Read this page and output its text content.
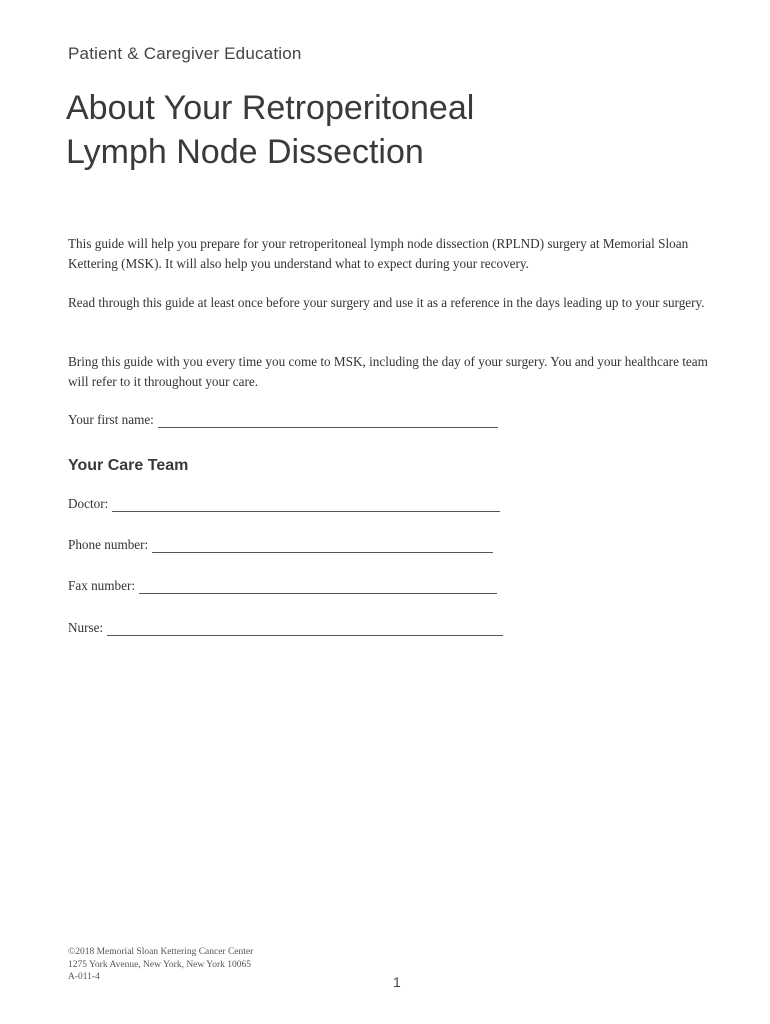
Patient & Caregiver Education
About Your Retroperitoneal
Lymph Node Dissection

This guide will help you prepare for your retroperitoneal lymph node dissection (RPLND) surgery at Memorial Sloan Kettering (MSK). It will also help you understand what to expect during your recovery.

Read through this guide at least once before your surgery and use it as a reference in the days leading up to your surgery.

Bring this guide with you every time you come to MSK, including the day of your surgery. You and your healthcare team will refer to it throughout your care.

Your first name:
Your Care Team
Doctor:
Phone number:
Fax number:
Nurse:
©2018 Memorial Sloan Kettering Cancer Center
1275 York Avenue, New York, New York 10065
A-011-4	1
